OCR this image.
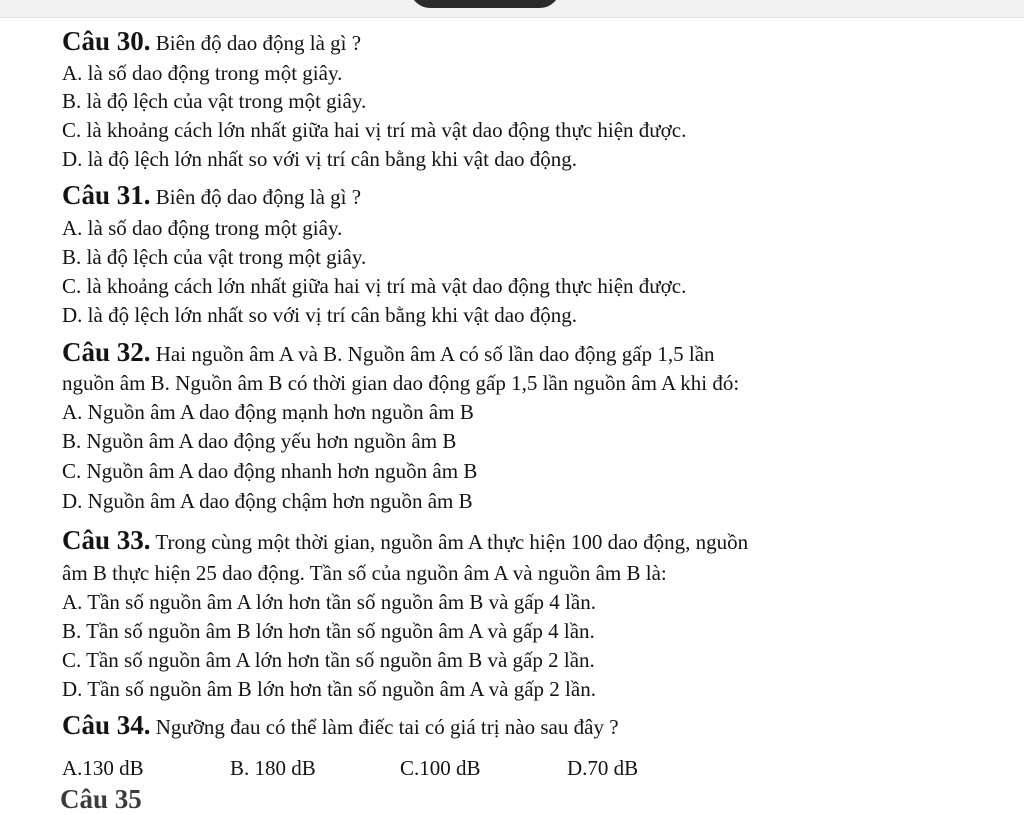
Câu 30. Biên độ dao động là gì ?
A. là số dao động trong một giây.
B. là độ lệch của vật trong một giây.
C. là khoảng cách lớn nhất giữa hai vị trí mà vật dao động thực hiện được.
D. là độ lệch lớn nhất so với vị trí cân bằng khi vật dao động.
Câu 31. Biên độ dao động là gì ?
A. là số dao động trong một giây.
B. là độ lệch của vật trong một giây.
C. là khoảng cách lớn nhất giữa hai vị trí mà vật dao động thực hiện được.
D. là độ lệch lớn nhất so với vị trí cân bằng khi vật dao động.
Câu 32. Hai nguồn âm A và B. Nguồn âm A có số lần dao động gấp 1,5 lần
nguồn âm B. Nguồn âm B có thời gian dao động gấp 1,5 lần nguồn âm A khi đó:
A. Nguồn âm A dao động mạnh hơn nguồn âm B
B. Nguồn âm A dao động yếu hơn nguồn âm B
C. Nguồn âm A dao động nhanh hơn nguồn âm B
D. Nguồn âm A dao động chậm hơn nguồn âm B
Câu 33. Trong cùng một thời gian, nguồn âm A thực hiện 100 dao động, nguồn
âm B thực hiện 25 dao động. Tần số của nguồn âm A và nguồn âm B là:
A. Tần số nguồn âm A lớn hơn tần số nguồn âm B và gấp 4 lần.
B. Tần số nguồn âm B lớn hơn tần số nguồn âm A và gấp 4 lần.
C. Tần số nguồn âm A lớn hơn tần số nguồn âm B và gấp 2 lần.
D. Tần số nguồn âm B lớn hơn tần số nguồn âm A và gấp 2 lần.
Câu 34. Ngưỡng đau có thể làm điếc tai có giá trị nào sau đây ?
A.130 dB	B. 180 dB	C.100 dB	D.70 dB
Câu 35
